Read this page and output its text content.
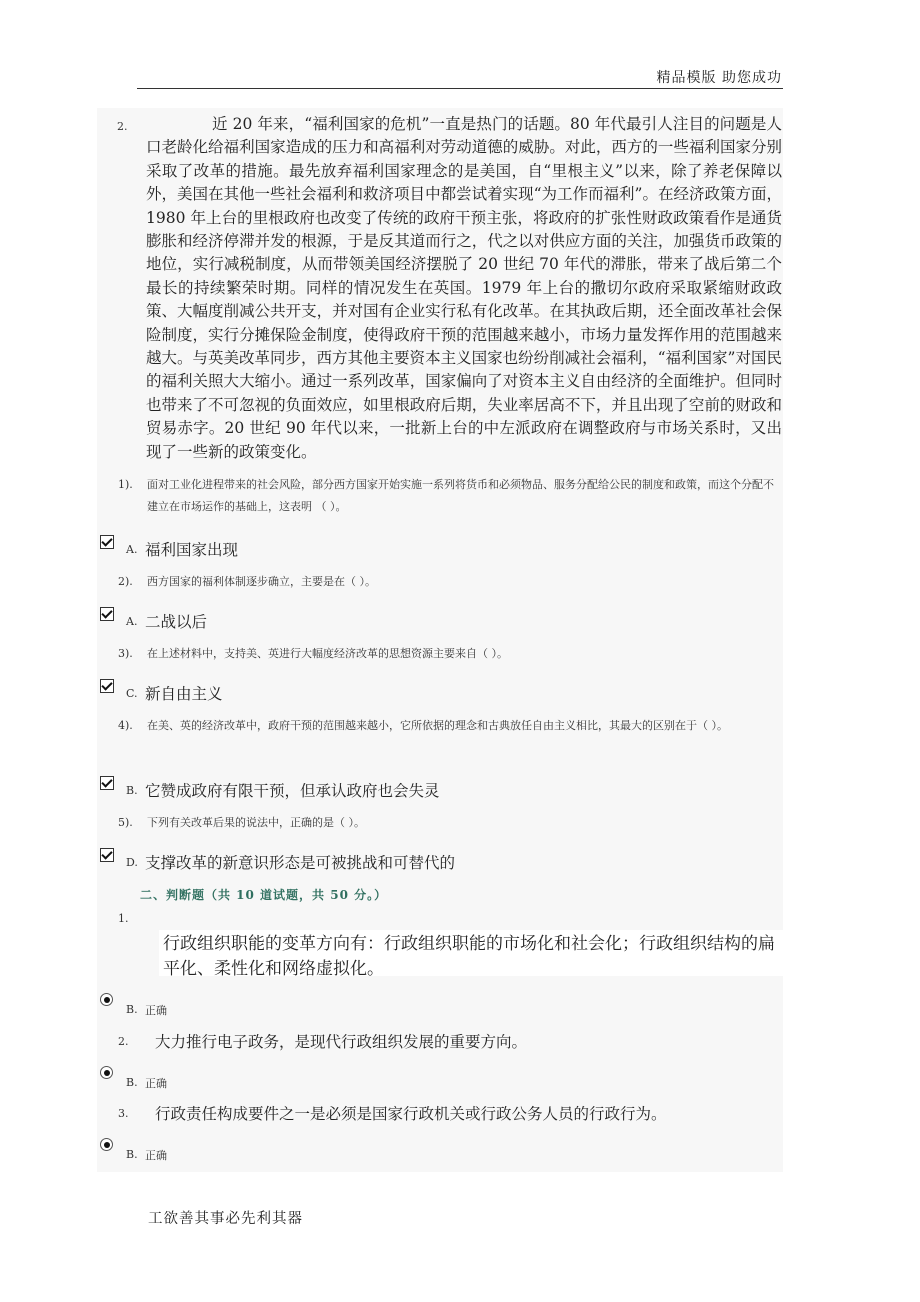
精品模版 助您成功
2.	近 20 年来，“福利国家的危机”一直是热门的话题。80 年代最引人注目的问题是人口老龄化给福利国家造成的压力和高福利对劳动道德的威胁。对此，西方的一些福利国家分别采取了改革的措施。最先放弃福利国家理念的是美国，自“里根主义”以来，除了养老保障以外，美国在其他一些社会福利和救济项目中都尝试着实现“为工作而福利”。在经济政策方面，1980 年上台的里根政府也改变了传统的政府干预主张，将政府的扩张性财政政策看作是通货膨胀和经济停滞并发的根源，于是反其道而行之，代之以对供应方面的关注，加强货币政策的地位，实行减税制度，从而带领美国经济摆脱了 20 世纪 70 年代的滞胀，带来了战后第二个最长的持续繁荣时期。同样的情况发生在英国。1979 年上台的撒切尔政府采取紧缩财政政策、大幅度削减公共开支，并对国有企业实行私有化改革。在其执政后期，还全面改革社会保险制度，实行分摊保险金制度，使得政府干预的范围越来越小，市场力量发挥作用的范围越来越大。与英美改革同步，西方其他主要资本主义国家也纷纷削减社会福利，“福利国家”对国民的福利关照大大缩小。通过一系列改革，国家偏向了对资本主义自由经济的全面维护。但同时也带来了不可忽视的负面效应，如里根政府后期，失业率居高不下，并且出现了空前的财政和贸易赤字。20 世纪 90 年代以来，一批新上台的中左派政府在调整政府与市场关系时，又出现了一些新的政策变化。
1). 面对工业化进程带来的社会风险，部分西方国家开始实施一系列将货币和必须物品、服务分配给公民的制度和政策，而这个分配不建立在市场运作的基础上，这表明 （ ）。
A. 福利国家出现
2). 西方国家的福利体制逐步确立，主要是在（ ）。
A. 二战以后
3). 在上述材料中，支持美、英进行大幅度经济改革的思想资源主要来自（ ）。
C. 新自由主义
4). 在美、英的经济改革中，政府干预的范围越来越小，它所依据的理念和古典放任自由主义相比，其最大的区别在于（ ）。
B. 它赞成政府有限干预，但承认政府也会失灵
5). 下列有关改革后果的说法中，正确的是（ ）。
D. 支撑改革的新意识形态是可被挑战和可替代的
二、判断题（共 10 道试题，共 50 分。）
1.
行政组织职能的变革方向有：行政组织职能的市场化和社会化；行政组织结构的扁平化、柔性化和网络虚拟化。
B. 正确
2. 大力推行电子政务，是现代行政组织发展的重要方向。
B. 正确
3. 行政责任构成要件之一是必须是国家行政机关或行政公务人员的行政行为。
B. 正确
工欲善其事必先利其器
